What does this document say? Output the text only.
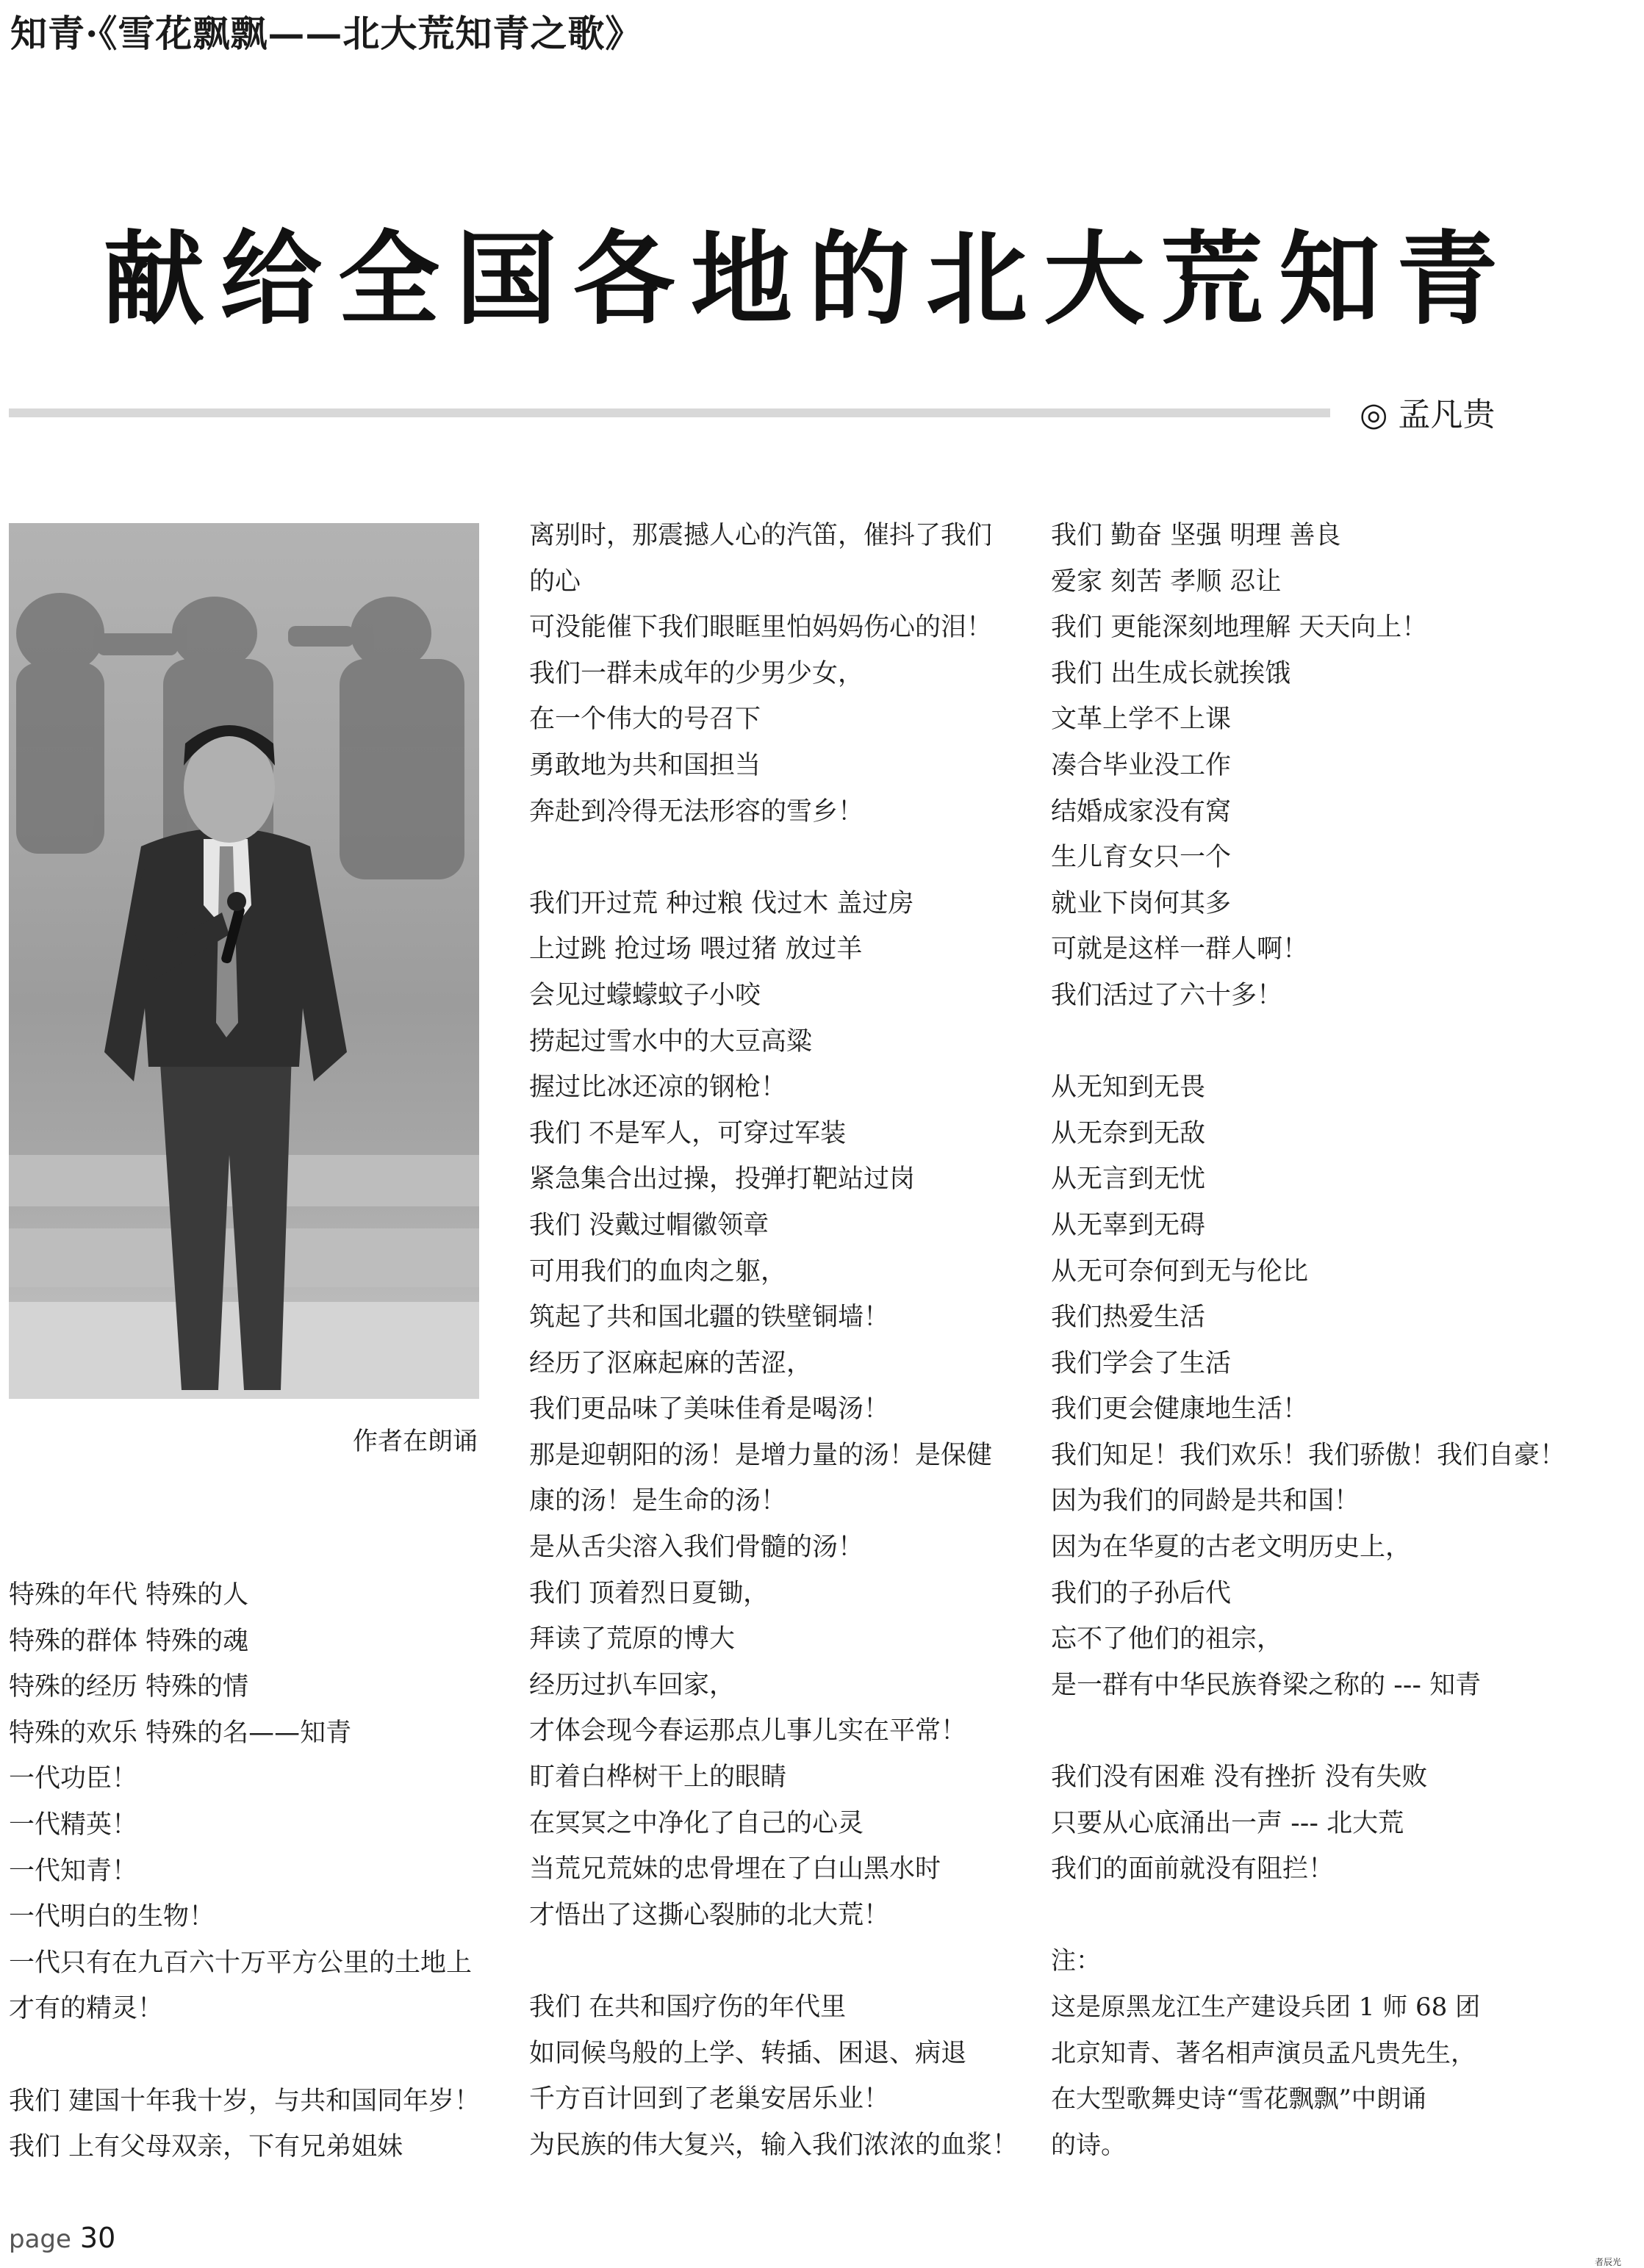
知青·《雪花飘飘——北大荒知青之歌》
献给全国各地的北大荒知青
◎ 孟凡贵
作者在朗诵
特殊的年代 特殊的人
特殊的群体 特殊的魂
特殊的经历 特殊的情
特殊的欢乐 特殊的名——知青
一代功臣！
一代精英！
一代知青！
一代明白的生物！
一代只有在九百六十万平方公里的土地上
才有的精灵！
我们 建国十年我十岁，与共和国同年岁！
我们 上有父母双亲，下有兄弟姐妹
离别时，那震撼人心的汽笛，催抖了我们
的心
可没能催下我们眼眶里怕妈妈伤心的泪！
我们一群未成年的少男少女，
在一个伟大的号召下
勇敢地为共和国担当
奔赴到冷得无法形容的雪乡！
我们开过荒 种过粮 伐过木 盖过房
上过跳 抢过场 喂过猪 放过羊
会见过蠓蠓蚊子小咬
捞起过雪水中的大豆高粱
握过比冰还凉的钢枪！
我们 不是军人，可穿过军装
紧急集合出过操，投弹打靶站过岗
我们 没戴过帽徽领章
可用我们的血肉之躯，
筑起了共和国北疆的铁壁铜墙！
经历了沤麻起麻的苦涩，
我们更品味了美味佳肴是喝汤！
那是迎朝阳的汤！是增力量的汤！是保健
康的汤！是生命的汤！
是从舌尖溶入我们骨髓的汤！
我们 顶着烈日夏锄，
拜读了荒原的博大
经历过扒车回家，
才体会现今春运那点儿事儿实在平常！
盯着白桦树干上的眼睛
在冥冥之中净化了自己的心灵
当荒兄荒妹的忠骨埋在了白山黑水时
才悟出了这撕心裂肺的北大荒！
我们 在共和国疗伤的年代里
如同候鸟般的上学、转插、困退、病退
千方百计回到了老巢安居乐业！
为民族的伟大复兴，输入我们浓浓的血浆！
我们 勤奋 坚强 明理 善良
爱家 刻苦 孝顺 忍让
我们 更能深刻地理解 天天向上！
我们 出生成长就挨饿
文革上学不上课
凑合毕业没工作
结婚成家没有窝
生儿育女只一个
就业下岗何其多
可就是这样一群人啊！
我们活过了六十多！
从无知到无畏
从无奈到无敌
从无言到无忧
从无辜到无碍
从无可奈何到无与伦比
我们热爱生活
我们学会了生活
我们更会健康地生活！
我们知足！我们欢乐！我们骄傲！我们自豪！
因为我们的同龄是共和国！
因为在华夏的古老文明历史上，
我们的子孙后代
忘不了他们的祖宗，
是一群有中华民族脊梁之称的 --- 知青
我们没有困难 没有挫折 没有失败
只要从心底涌出一声 --- 北大荒
我们的面前就没有阻拦！
注：
这是原黑龙江生产建设兵团 1 师 68 团
北京知青、著名相声演员孟凡贵先生，
在大型歌舞史诗“雪花飘飘”中朗诵
的诗。
page 30
者辰光
